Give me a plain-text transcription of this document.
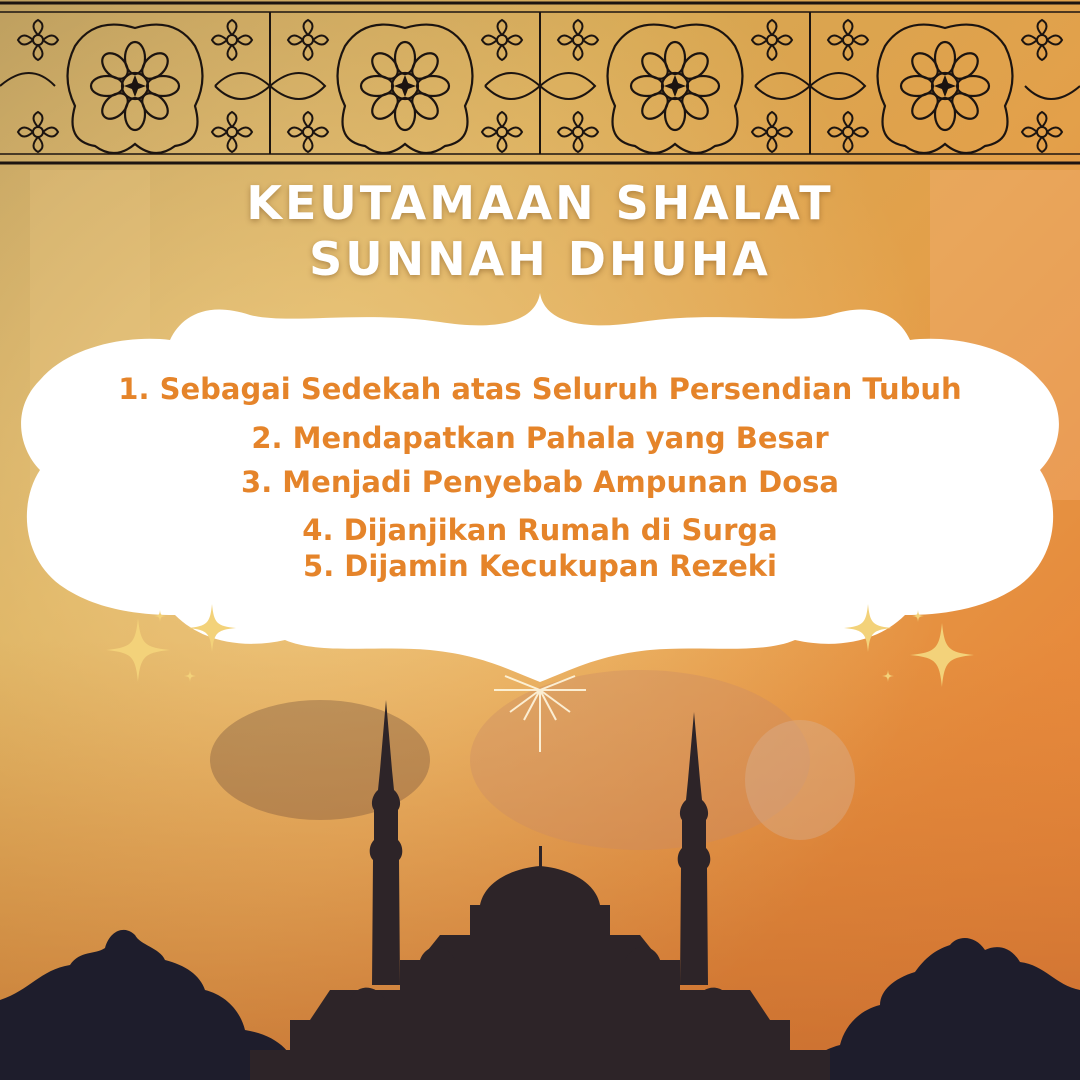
KEUTAMAAN SHALAT
SUNNAH DHUHA
1. Sebagai Sedekah atas Seluruh Persendian Tubuh
2. Mendapatkan Pahala yang Besar
3. Menjadi Penyebab Ampunan Dosa
4. Dijanjikan Rumah di Surga
5. Dijamin Kecukupan Rezeki
